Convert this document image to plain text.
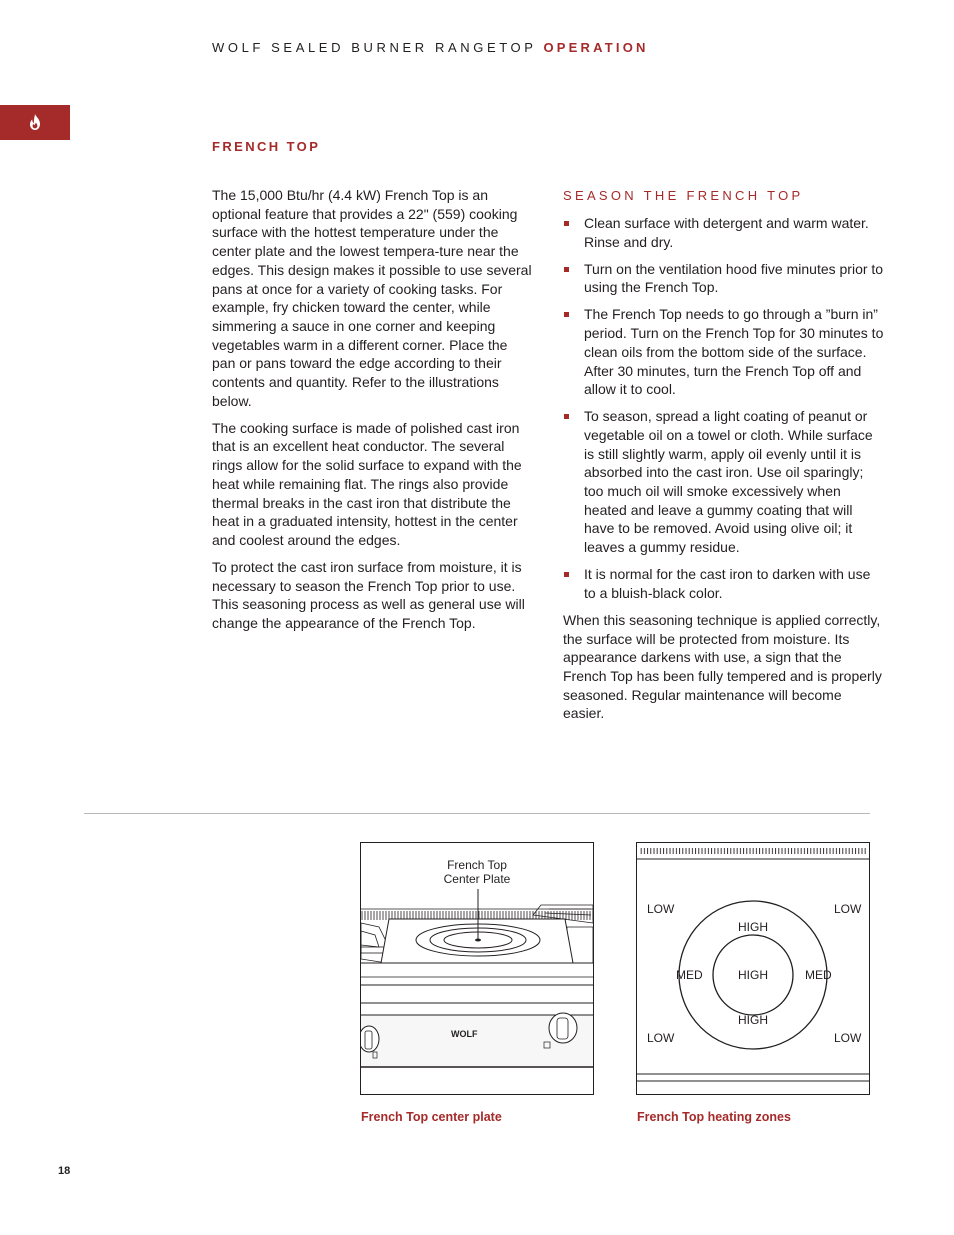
WOLF SEALED BURNER RANGETOP OPERATION
FRENCH TOP

The 15,000 Btu/hr (4.4 kW) French Top is an optional feature that provides a 22" (559) cooking surface with the hottest temperature under the center plate and the lowest tempera-ture near the edges. This design makes it possible to use several pans at once for a variety of cooking tasks. For example, fry chicken toward the center, while simmering a sauce in one corner and keeping vegetables warm in a different corner. Place the pan or pans toward the edge according to their contents and quantity. Refer to the illustrations below.

The cooking surface is made of polished cast iron that is an excellent heat conductor. The several rings allow for the solid surface to expand with the heat while remaining flat. The rings also provide thermal breaks in the cast iron that distribute the heat in a graduated intensity, hottest in the center and coolest around the edges.

To protect the cast iron surface from moisture, it is necessary to season the French Top prior to use. This seasoning process as well as general use will change the appearance of the French Top.

SEASON THE FRENCH TOP
Clean surface with detergent and warm water. Rinse and dry.
Turn on the ventilation hood five minutes prior to using the French Top.
The French Top needs to go through a ”burn in” period. Turn on the French Top for 30 minutes to clean oils from the bottom side of the surface. After 30 minutes, turn the French Top off and allow it to cool.
To season, spread a light coating of peanut or vegetable oil on a towel or cloth. While surface is still slightly warm, apply oil evenly until it is absorbed into the cast iron. Use oil sparingly; too much oil will smoke excessively when heated and leave a gummy coating that will have to be removed. Avoid using olive oil; it leaves a gummy residue.
It is normal for the cast iron to darken with use to a bluish-black color.

When this seasoning technique is applied correctly, the surface will be protected from moisture. Its appearance darkens with use, a sign that the French Top has been fully tempered and is properly seasoned. Regular maintenance will become easier.

WOLF
French Top
Center Plate
LOW	LOW
LOW	LOW
MED	MED
HIGH
HIGH
HIGH
French Top center plate	French Top heating zones
18
